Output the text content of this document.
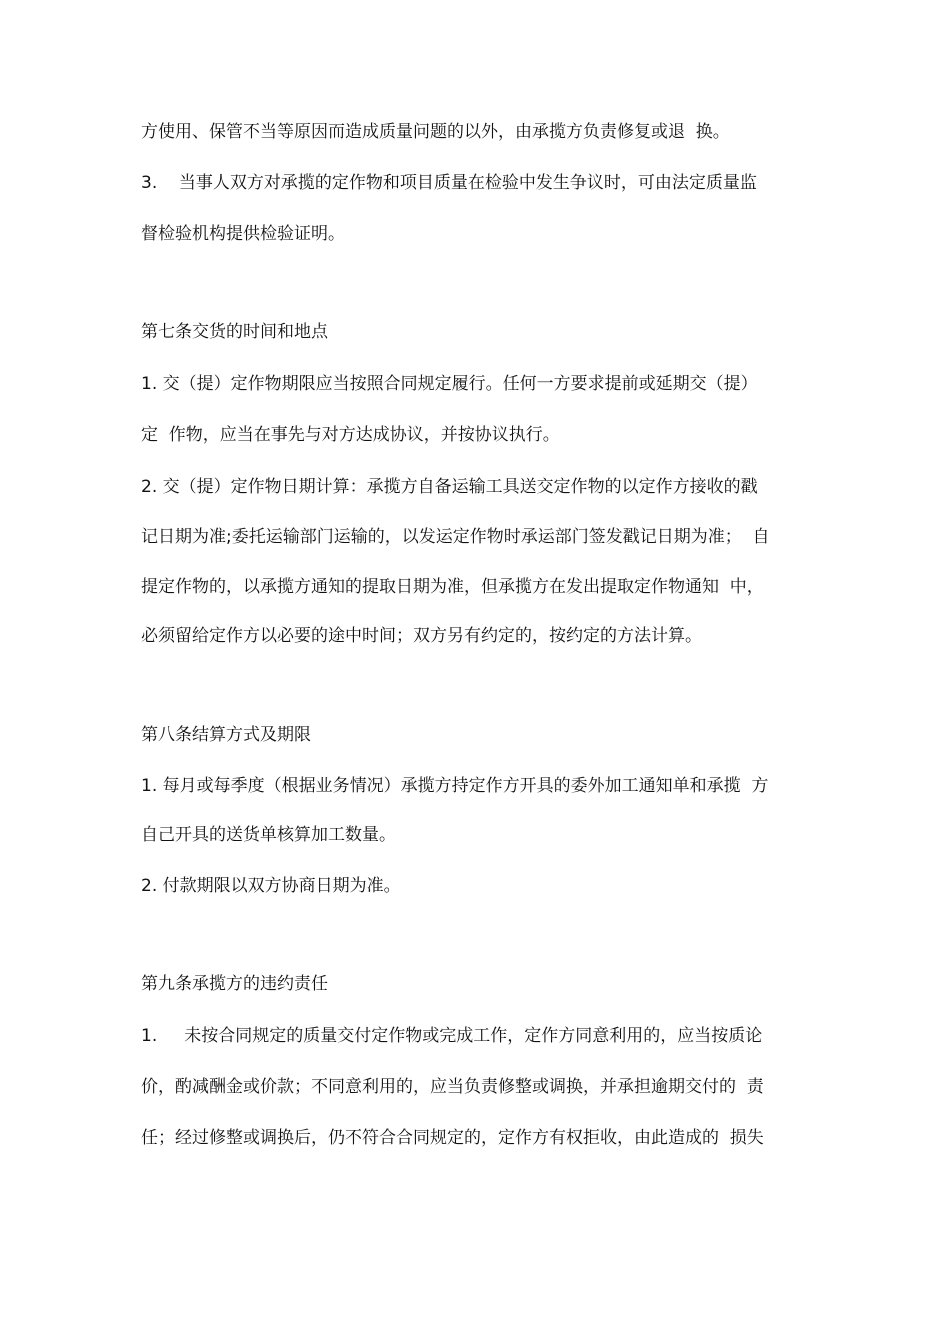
方使用、保管不当等原因而造成质量问题的以外，由承揽方负责修复或退  换。
3.    当事人双方对承揽的定作物和项目质量在检验中发生争议时，可由法定质量监
督检验机构提供检验证明。
第七条交货的时间和地点
1. 交（提）定作物期限应当按照合同规定履行。任何一方要求提前或延期交（提）
定  作物，应当在事先与对方达成协议，并按协议执行。
2. 交（提）定作物日期计算：承揽方自备运输工具送交定作物的以定作方接收的戳
记日期为准;委托运输部门运输的，以发运定作物时承运部门签发戳记日期为准；  自
提定作物的，以承揽方通知的提取日期为准，但承揽方在发出提取定作物通知  中，
必须留给定作方以必要的途中时间；双方另有约定的，按约定的方法计算。
第八条结算方式及期限
1. 每月或每季度（根据业务情况）承揽方持定作方开具的委外加工通知单和承揽  方
自己开具的送货单核算加工数量。
2. 付款期限以双方协商日期为准。
第九条承揽方的违约责任
1.     未按合同规定的质量交付定作物或完成工作，定作方同意利用的，应当按质论
价，酌减酬金或价款；不同意利用的，应当负责修整或调换，并承担逾期交付的  责
任；经过修整或调换后，仍不符合合同规定的，定作方有权拒收，由此造成的  损失
